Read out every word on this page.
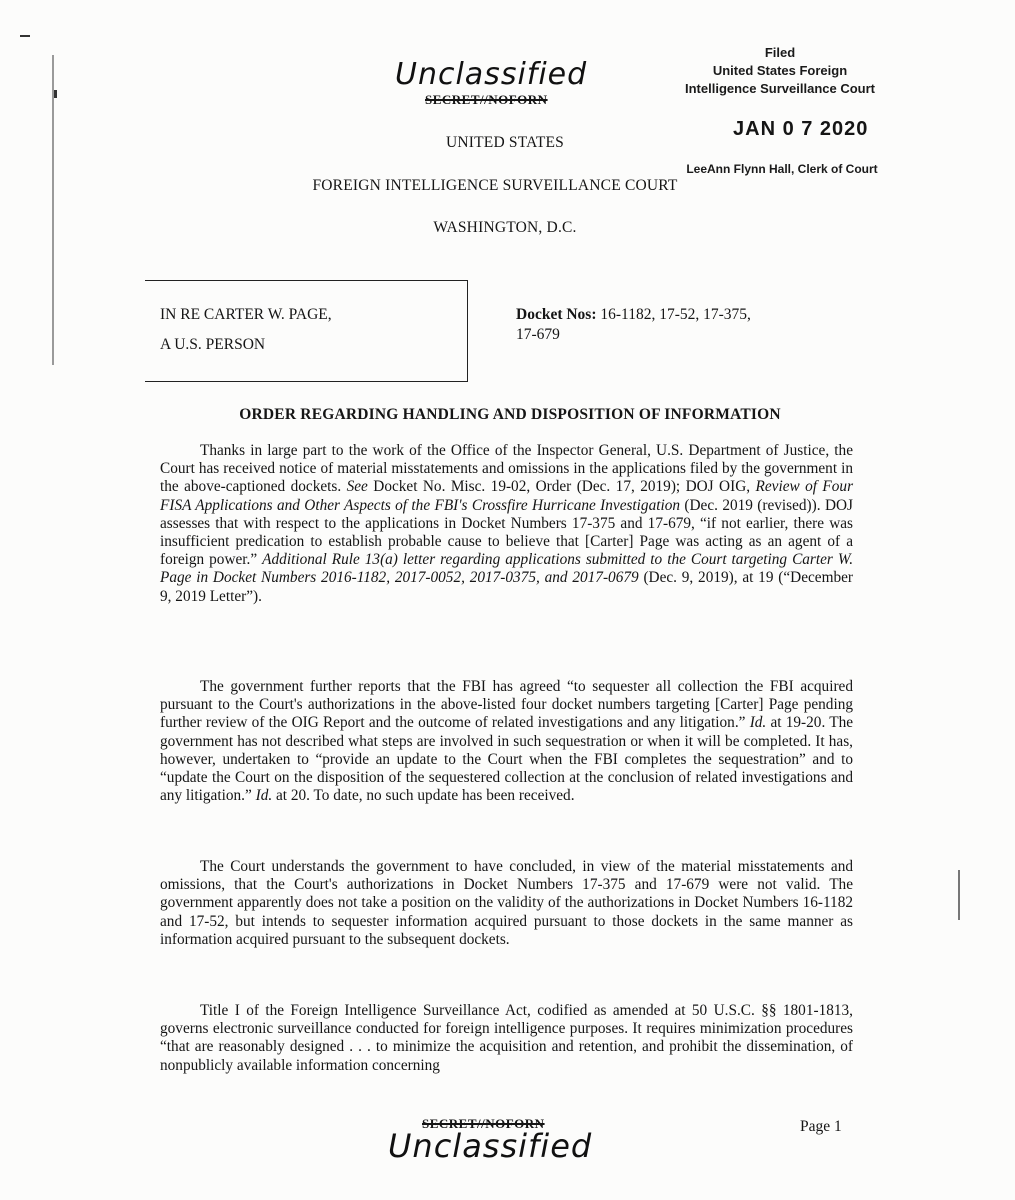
Unclassified
SECRET//NOFORN
Filed
United States Foreign
Intelligence Surveillance Court
JAN 0 7 2020
LeeAnn Flynn Hall, Clerk of Court
UNITED STATES
FOREIGN INTELLIGENCE SURVEILLANCE COURT
WASHINGTON, D.C.
IN RE CARTER W. PAGE,
A U.S. PERSON
Docket Nos: 16-1182, 17-52, 17-375,
17-679
ORDER REGARDING HANDLING AND DISPOSITION OF INFORMATION

Thanks in large part to the work of the Office of the Inspector General, U.S. Department of Justice, the Court has received notice of material misstatements and omissions in the applications filed by the government in the above-captioned dockets. See Docket No. Misc. 19-02, Order (Dec. 17, 2019); DOJ OIG, Review of Four FISA Applications and Other Aspects of the FBI's Crossfire Hurricane Investigation (Dec. 2019 (revised)). DOJ assesses that with respect to the applications in Docket Numbers 17-375 and 17-679, “if not earlier, there was insufficient predication to establish probable cause to believe that [Carter] Page was acting as an agent of a foreign power.” Additional Rule 13(a) letter regarding applications submitted to the Court targeting Carter W. Page in Docket Numbers 2016-1182, 2017-0052, 2017-0375, and 2017-0679 (Dec. 9, 2019), at 19 (“December 9, 2019 Letter”).

The government further reports that the FBI has agreed “to sequester all collection the FBI acquired pursuant to the Court's authorizations in the above-listed four docket numbers targeting [Carter] Page pending further review of the OIG Report and the outcome of related investigations and any litigation.” Id. at 19-20. The government has not described what steps are involved in such sequestration or when it will be completed. It has, however, undertaken to “provide an update to the Court when the FBI completes the sequestration” and to “update the Court on the disposition of the sequestered collection at the conclusion of related investigations and any litigation.” Id. at 20. To date, no such update has been received.

The Court understands the government to have concluded, in view of the material misstatements and omissions, that the Court's authorizations in Docket Numbers 17-375 and 17-679 were not valid. The government apparently does not take a position on the validity of the authorizations in Docket Numbers 16-1182 and 17-52, but intends to sequester information acquired pursuant to those dockets in the same manner as information acquired pursuant to the subsequent dockets.

Title I of the Foreign Intelligence Surveillance Act, codified as amended at 50 U.S.C. §§ 1801-1813, governs electronic surveillance conducted for foreign intelligence purposes. It requires minimization procedures “that are reasonably designed . . . to minimize the acquisition and retention, and prohibit the dissemination, of nonpublicly available information concerning

SECRET//NOFORN
Unclassified
Page 1
